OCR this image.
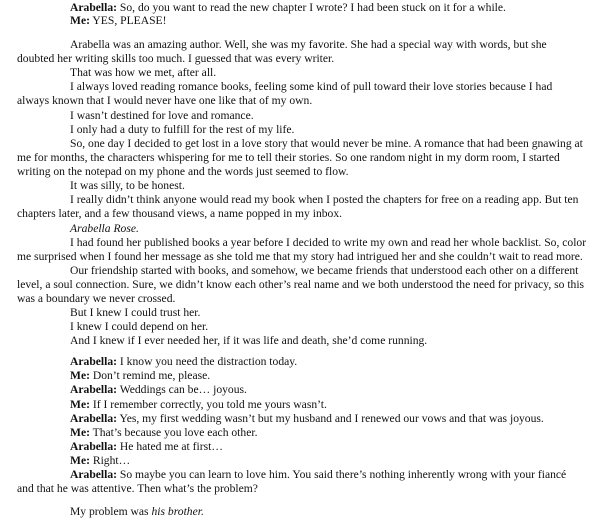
Arabella: So, do you want to read the new chapter I wrote? I had been stuck on it for a while.
Me: YES, PLEASE!
Arabella was an amazing author. Well, she was my favorite. She had a special way with words, but she
doubted her writing skills too much. I guessed that was every writer.
That was how we met, after all.
I always loved reading romance books, feeling some kind of pull toward their love stories because I had
always known that I would never have one like that of my own.
I wasn’t destined for love and romance.
I only had a duty to fulfill for the rest of my life.
So, one day I decided to get lost in a love story that would never be mine. A romance that had been gnawing at
me for months, the characters whispering for me to tell their stories. So one random night in my dorm room, I started
writing on the notepad on my phone and the words just seemed to flow.
It was silly, to be honest.
I really didn’t think anyone would read my book when I posted the chapters for free on a reading app. But ten
chapters later, and a few thousand views, a name popped in my inbox.
Arabella Rose.
I had found her published books a year before I decided to write my own and read her whole backlist. So, color
me surprised when I found her message as she told me that my story had intrigued her and she couldn’t wait to read more.
Our friendship started with books, and somehow, we became friends that understood each other on a different
level, a soul connection. Sure, we didn’t know each other’s real name and we both understood the need for privacy, so this
was a boundary we never crossed.
But I knew I could trust her.
I knew I could depend on her.
And I knew if I ever needed her, if it was life and death, she’d come running.
Arabella: I know you need the distraction today.
Me: Don’t remind me, please.
Arabella: Weddings can be… joyous.
Me: If I remember correctly, you told me yours wasn’t.
Arabella: Yes, my first wedding wasn’t but my husband and I renewed our vows and that was joyous.
Me: That’s because you love each other.
Arabella: He hated me at first…
Me: Right…
Arabella: So maybe you can learn to love him. You said there’s nothing inherently wrong with your fiancé
and that he was attentive. Then what’s the problem?
My problem was his brother.
